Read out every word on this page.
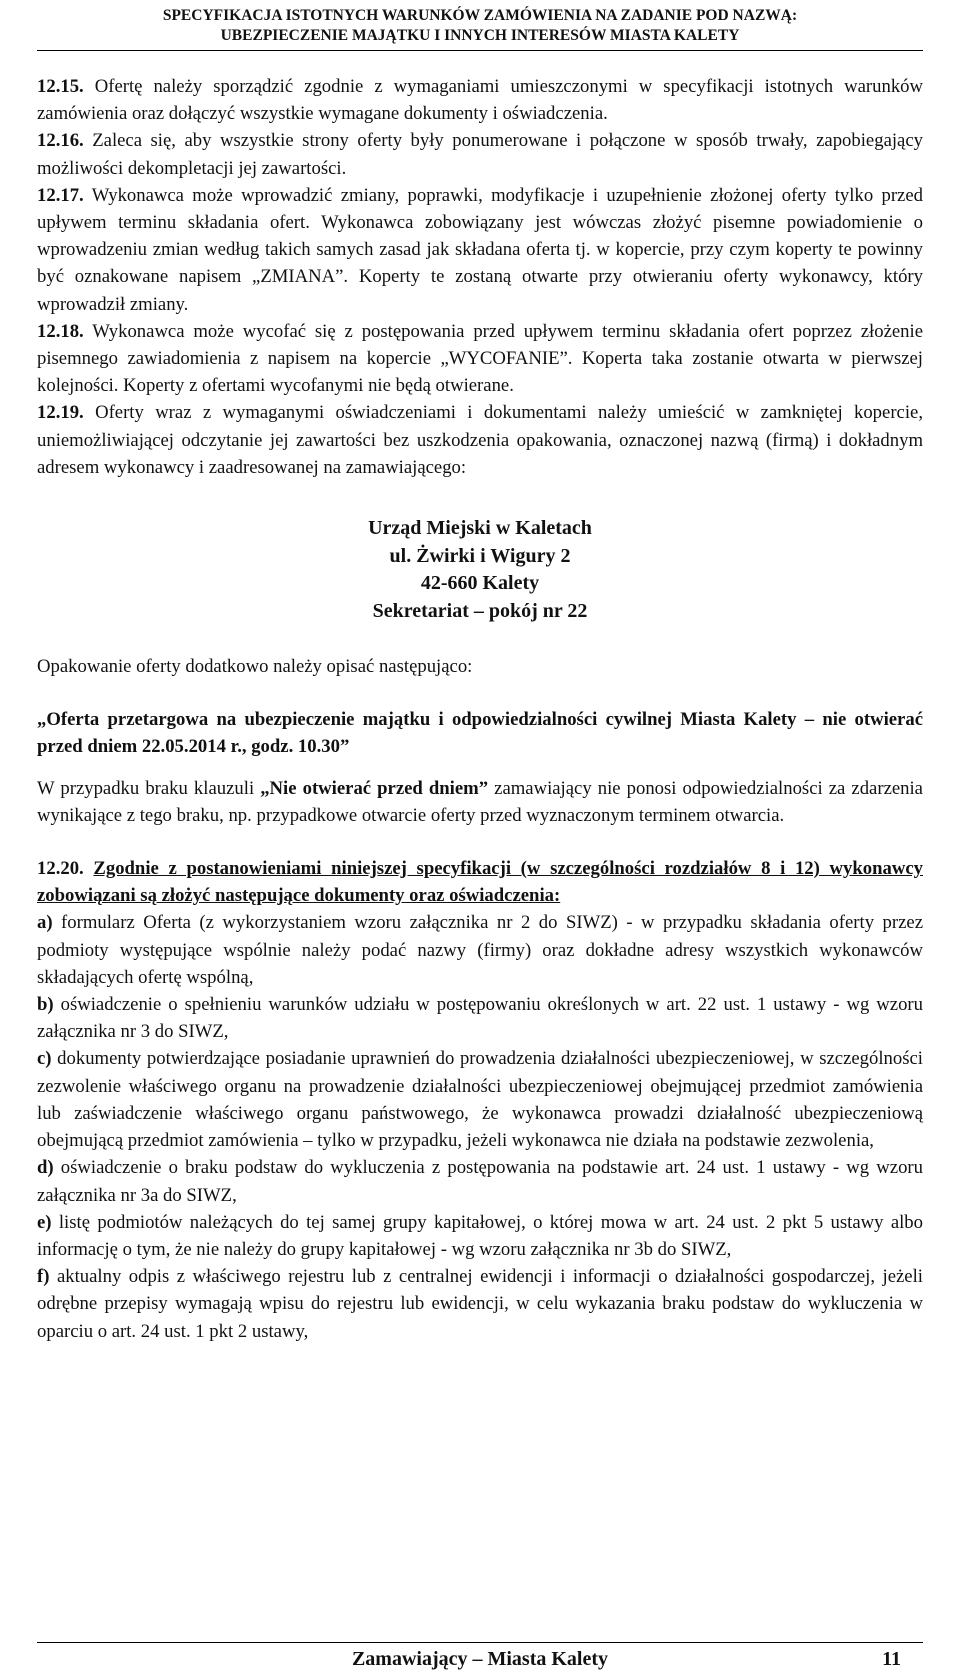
SPECYFIKACJA ISTOTNYCH WARUNKÓW ZAMÓWIENIA NA ZADANIE POD NAZWĄ:
UBEZPIECZENIE MAJĄTKU I INNYCH INTERESÓW MIASTA KALETY

12.15. Ofertę należy sporządzić zgodnie z wymaganiami umieszczonymi w specyfikacji istotnych warunków zamówienia oraz dołączyć wszystkie wymagane dokumenty i oświadczenia.

12.16. Zaleca się, aby wszystkie strony oferty były ponumerowane i połączone w sposób trwały, zapobiegający możliwości dekompletacji jej zawartości.

12.17. Wykonawca może wprowadzić zmiany, poprawki, modyfikacje i uzupełnienie złożonej oferty tylko przed upływem terminu składania ofert. Wykonawca zobowiązany jest wówczas złożyć pisemne powiadomienie o wprowadzeniu zmian według takich samych zasad jak składana oferta tj. w kopercie, przy czym koperty te powinny być oznakowane napisem „ZMIANA”. Koperty te zostaną otwarte przy otwieraniu oferty wykonawcy, który wprowadził zmiany.

12.18. Wykonawca może wycofać się z postępowania przed upływem terminu składania ofert poprzez złożenie pisemnego zawiadomienia z napisem na kopercie „WYCOFANIE”. Koperta taka zostanie otwarta w pierwszej kolejności. Koperty z ofertami wycofanymi nie będą otwierane.

12.19. Oferty wraz z wymaganymi oświadczeniami i dokumentami należy umieścić w zamkniętej kopercie, uniemożliwiającej odczytanie jej zawartości bez uszkodzenia opakowania, oznaczonej nazwą (firmą) i dokładnym adresem wykonawcy i zaadresowanej na zamawiającego:

Urząd Miejski w Kaletach
ul. Żwirki i Wigury 2
42-660 Kalety
Sekretariat – pokój nr 22

Opakowanie oferty dodatkowo należy opisać następująco:

„Oferta przetargowa na ubezpieczenie majątku i odpowiedzialności cywilnej Miasta Kalety – nie otwierać przed dniem 22.05.2014 r., godz. 10.30”

W przypadku braku klauzuli „Nie otwierać przed dniem” zamawiający nie ponosi odpowiedzialności za zdarzenia wynikające z tego braku, np. przypadkowe otwarcie oferty przed wyznaczonym terminem otwarcia.

12.20. Zgodnie z postanowieniami niniejszej specyfikacji (w szczególności rozdziałów 8 i 12) wykonawcy zobowiązani są złożyć następujące dokumenty oraz oświadczenia:

a) formularz Oferta (z wykorzystaniem wzoru załącznika nr 2 do SIWZ) - w przypadku składania oferty przez podmioty występujące wspólnie należy podać nazwy (firmy) oraz dokładne adresy wszystkich wykonawców składających ofertę wspólną,

b) oświadczenie o spełnieniu warunków udziału w postępowaniu określonych w art. 22 ust. 1 ustawy - wg wzoru załącznika nr 3 do SIWZ,

c) dokumenty potwierdzające posiadanie uprawnień do prowadzenia działalności ubezpieczeniowej, w szczególności zezwolenie właściwego organu na prowadzenie działalności ubezpieczeniowej obejmującej przedmiot zamówienia lub zaświadczenie właściwego organu państwowego, że wykonawca prowadzi działalność ubezpieczeniową obejmującą przedmiot zamówienia – tylko w przypadku, jeżeli wykonawca nie działa na podstawie zezwolenia,

d) oświadczenie o braku podstaw do wykluczenia z postępowania na podstawie art. 24 ust. 1 ustawy - wg wzoru załącznika nr 3a do SIWZ,

e) listę podmiotów należących do tej samej grupy kapitałowej, o której mowa w art. 24 ust. 2 pkt 5 ustawy albo informację o tym, że nie należy do grupy kapitałowej - wg wzoru załącznika nr 3b do SIWZ,

f) aktualny odpis z właściwego rejestru lub z centralnej ewidencji i informacji o działalności gospodarczej, jeżeli odrębne przepisy wymagają wpisu do rejestru lub ewidencji, w celu wykazania braku podstaw do wykluczenia w oparciu o art. 24 ust. 1 pkt 2 ustawy,

Zamawiający – Miasta Kalety	11
